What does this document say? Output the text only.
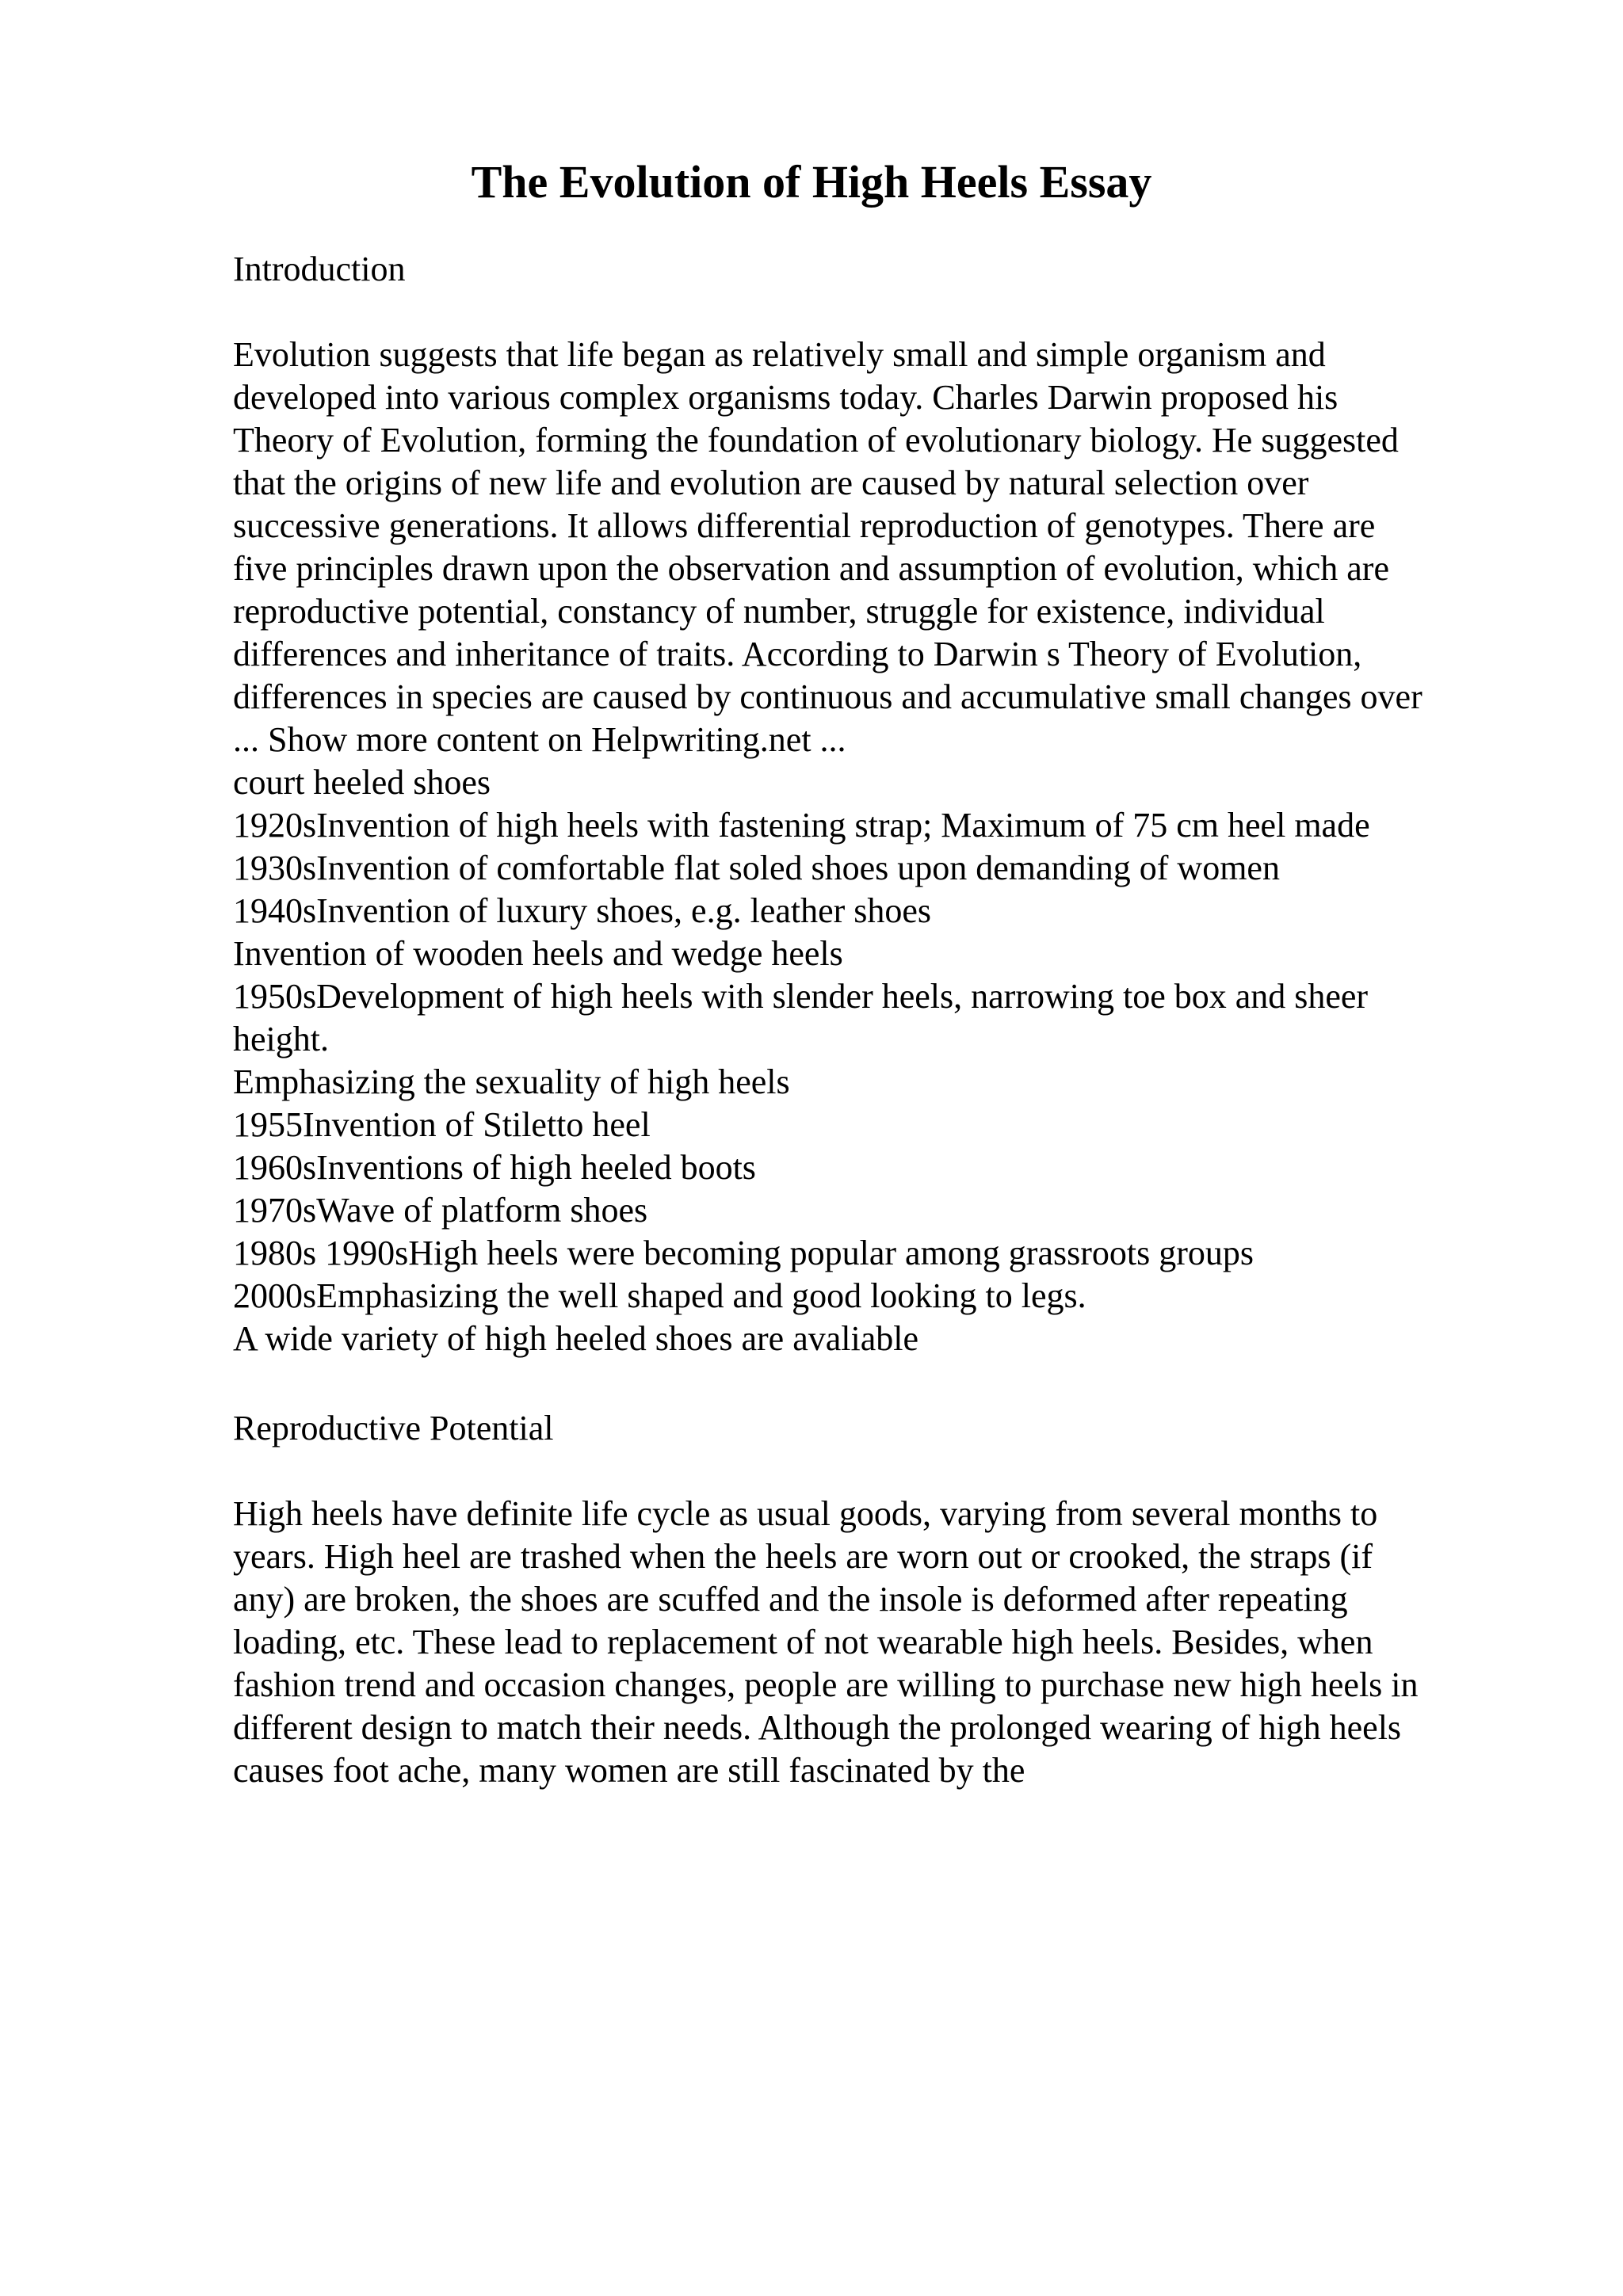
The Evolution of High Heels Essay

Introduction

Evolution suggests that life began as relatively small and simple organism and
developed into various complex organisms today. Charles Darwin proposed his
Theory of Evolution, forming the foundation of evolutionary biology. He suggested
that the origins of new life and evolution are caused by natural selection over
successive generations. It allows differential reproduction of genotypes. There are
five principles drawn upon the observation and assumption of evolution, which are
reproductive potential, constancy of number, struggle for existence, individual
differences and inheritance of traits. According to Darwin s Theory of Evolution,
differences in species are caused by continuous and accumulative small changes over
... Show more content on Helpwriting.net ...
court heeled shoes
1920sInvention of high heels with fastening strap; Maximum of 75 cm heel made
1930sInvention of comfortable flat soled shoes upon demanding of women
1940sInvention of luxury shoes, e.g. leather shoes
Invention of wooden heels and wedge heels
1950sDevelopment of high heels with slender heels, narrowing toe box and sheer
height.
Emphasizing the sexuality of high heels
1955Invention of Stiletto heel
1960sInventions of high heeled boots
1970sWave of platform shoes
1980s 1990sHigh heels were becoming popular among grassroots groups
2000sEmphasizing the well shaped and good looking to legs.
A wide variety of high heeled shoes are avaliable

Reproductive Potential

High heels have definite life cycle as usual goods, varying from several months to
years. High heel are trashed when the heels are worn out or crooked, the straps (if
any) are broken, the shoes are scuffed and the insole is deformed after repeating
loading, etc. These lead to replacement of not wearable high heels. Besides, when
fashion trend and occasion changes, people are willing to purchase new high heels in
different design to match their needs. Although the prolonged wearing of high heels
causes foot ache, many women are still fascinated by the
